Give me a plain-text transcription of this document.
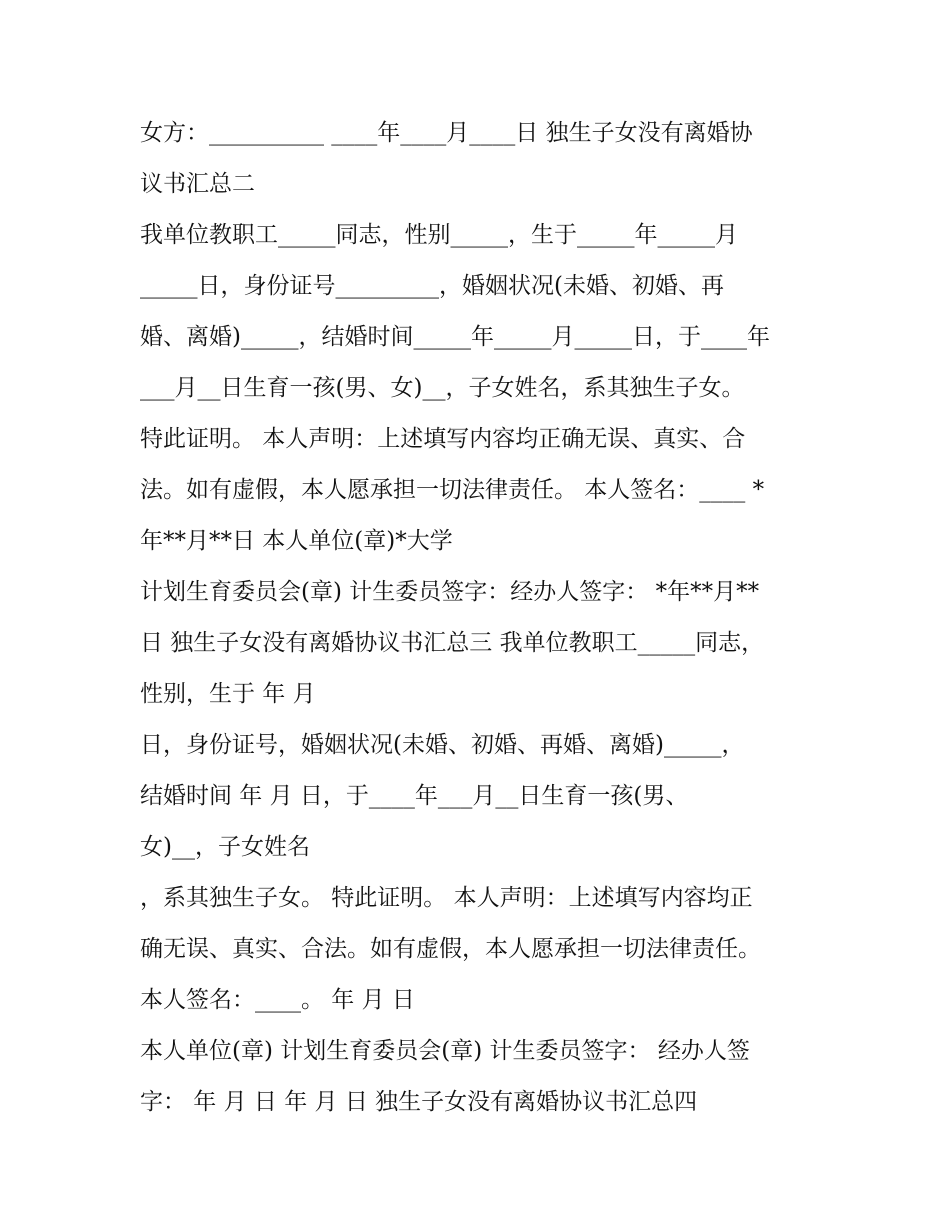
女方：__________ ____年____月____日 独生子女没有离婚协
议书汇总二
我单位教职工_____同志，性别_____，生于_____年_____月
_____日，身份证号_________，婚姻状况(未婚、初婚、再
婚、离婚)_____，结婚时间_____年_____月_____日，于____年
___月__日生育一孩(男、女)__，子女姓名，系其独生子女。
特此证明。 本人声明：上述填写内容均正确无误、真实、合
法。如有虚假，本人愿承担一切法律责任。 本人签名：____ *
年**月**日 本人单位(章)*大学
计划生育委员会(章) 计生委员签字：经办人签字： *年**月**
日 独生子女没有离婚协议书汇总三 我单位教职工_____同志，
性别，生于 年 月
日，身份证号，婚姻状况(未婚、初婚、再婚、离婚)_____，
结婚时间 年 月 日，于____年___月__日生育一孩(男、
女)__，子女姓名
，系其独生子女。 特此证明。 本人声明：上述填写内容均正
确无误、真实、合法。如有虚假，本人愿承担一切法律责任。
本人签名：____。 年 月 日
本人单位(章) 计划生育委员会(章) 计生委员签字： 经办人签
字： 年 月 日 年 月 日 独生子女没有离婚协议书汇总四
